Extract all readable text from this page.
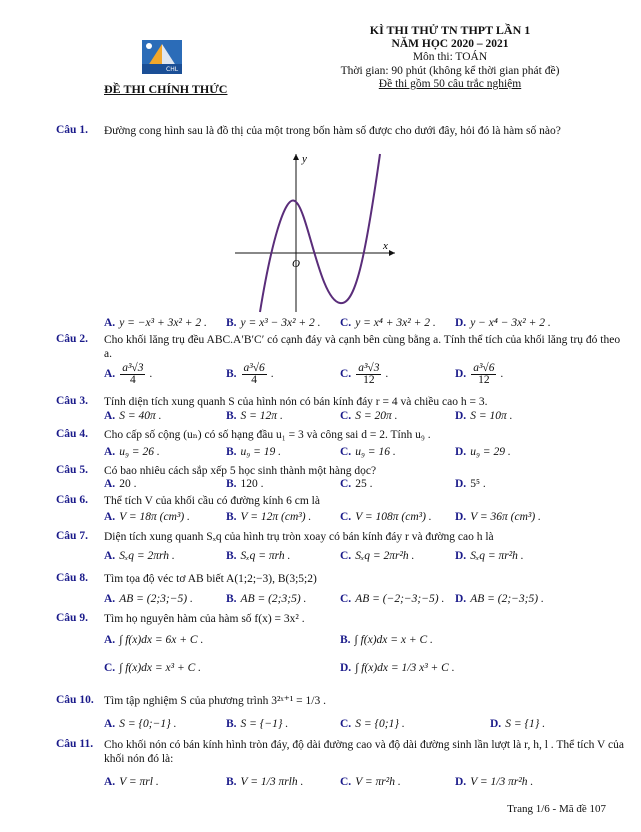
CHL
ĐỀ THI CHÍNH THỨC
KÌ THI THỬ TN THPT LẦN 1
NĂM HỌC 2020 – 2021
Môn thi: TOÁN
Thời gian: 90 phút (không kể thời gian phát đề)
Đề thi gồm 50 câu trắc nghiệm
Câu 1.	Đường cong hình sau là đồ thị của một trong bốn hàm số được cho dưới đây, hỏi đó là hàm số nào?
y
x
O
A. y = −x³ + 3x² + 2 . B. y = x³ − 3x² + 2 . C. y = x⁴ + 3x² + 2 . D. y − x⁴ − 3x² + 2 .
Câu 2.	Cho khối lăng trụ đều ABC.A′B′C′ có cạnh đáy và cạnh bên cùng bằng a. Tính thể tích của khối lăng trụ đó theo a.
A. $\frac{\text{a³√3}}{4}$ .	B. $\frac{\text{a³√6}}{4}$ .	C. $\frac{\text{a³√3}}{12}$ .	D. $\frac{\text{a³√6}}{12}$ .
Câu 3.	Tính diện tích xung quanh S của hình nón có bán kính đáy r = 4 và chiều cao h = 3.
A. S = 40π .	B. S = 12π .	C. S = 20π .	D. S = 10π .
Câu 4.	Cho cấp số cộng (uₙ) có số hạng đầu u₁ = 3 và công sai d = 2. Tính u₉ .
A. u₉ = 26 .	B. u₉ = 19 .	C. u₉ = 16 .	D. u₉ = 29 .
Câu 5.	Có bao nhiêu cách sắp xếp 5 học sinh thành một hàng dọc?
A. 20 .	B. 120 .	C. 25 .	D. 5⁵ .
Câu 6.	Thể tích V của khối cầu có đường kính 6 cm là
A. V = 18π (cm³) .	B. V = 12π (cm³) . C. V = 108π (cm³) . D. V = 36π (cm³) .
Câu 7.	Diện tích xung quanh Sₓq của hình trụ tròn xoay có bán kính đáy r và đường cao h là
A. Sₓq = 2πrh .	B. Sₓq = πrh .	C. Sₓq = 2πr²h .	D. Sₓq = πr²h .
Câu 8.	Tìm tọa độ véc tơ AB biết A(1;2;−3), B(3;5;2)
A. AB = (2;3;−5) .	B. AB = (2;3;5) .	C. AB = (−2;−3;−5) . D. AB = (2;−3;5) .
Câu 9.	Tìm họ nguyên hàm của hàm số f(x) = 3x² .
A. ∫ f(x)dx = 6x + C .	B. ∫ f(x)dx = x + C .
C. ∫ f(x)dx = x³ + C .	D. ∫ f(x)dx = 1/3 x³ + C .
Câu 10. Tìm tập nghiệm S của phương trình 3²ˣ⁺¹ = 1/3 .
A. S = {0;−1} .	B. S = {−1} .	C. S = {0;1} .	D. S = {1} .
Câu 11. Cho khối nón có bán kính hình tròn đáy, độ dài đường cao và độ dài đường sinh lần lượt là r, h, l . Thể tích V của khối nón đó là:
A. V = πrl .	B. V = 1/3 πrlh .	C. V = πr²h .	D. V = 1/3 πr²h .
Trang 1/6 - Mã đề 107
